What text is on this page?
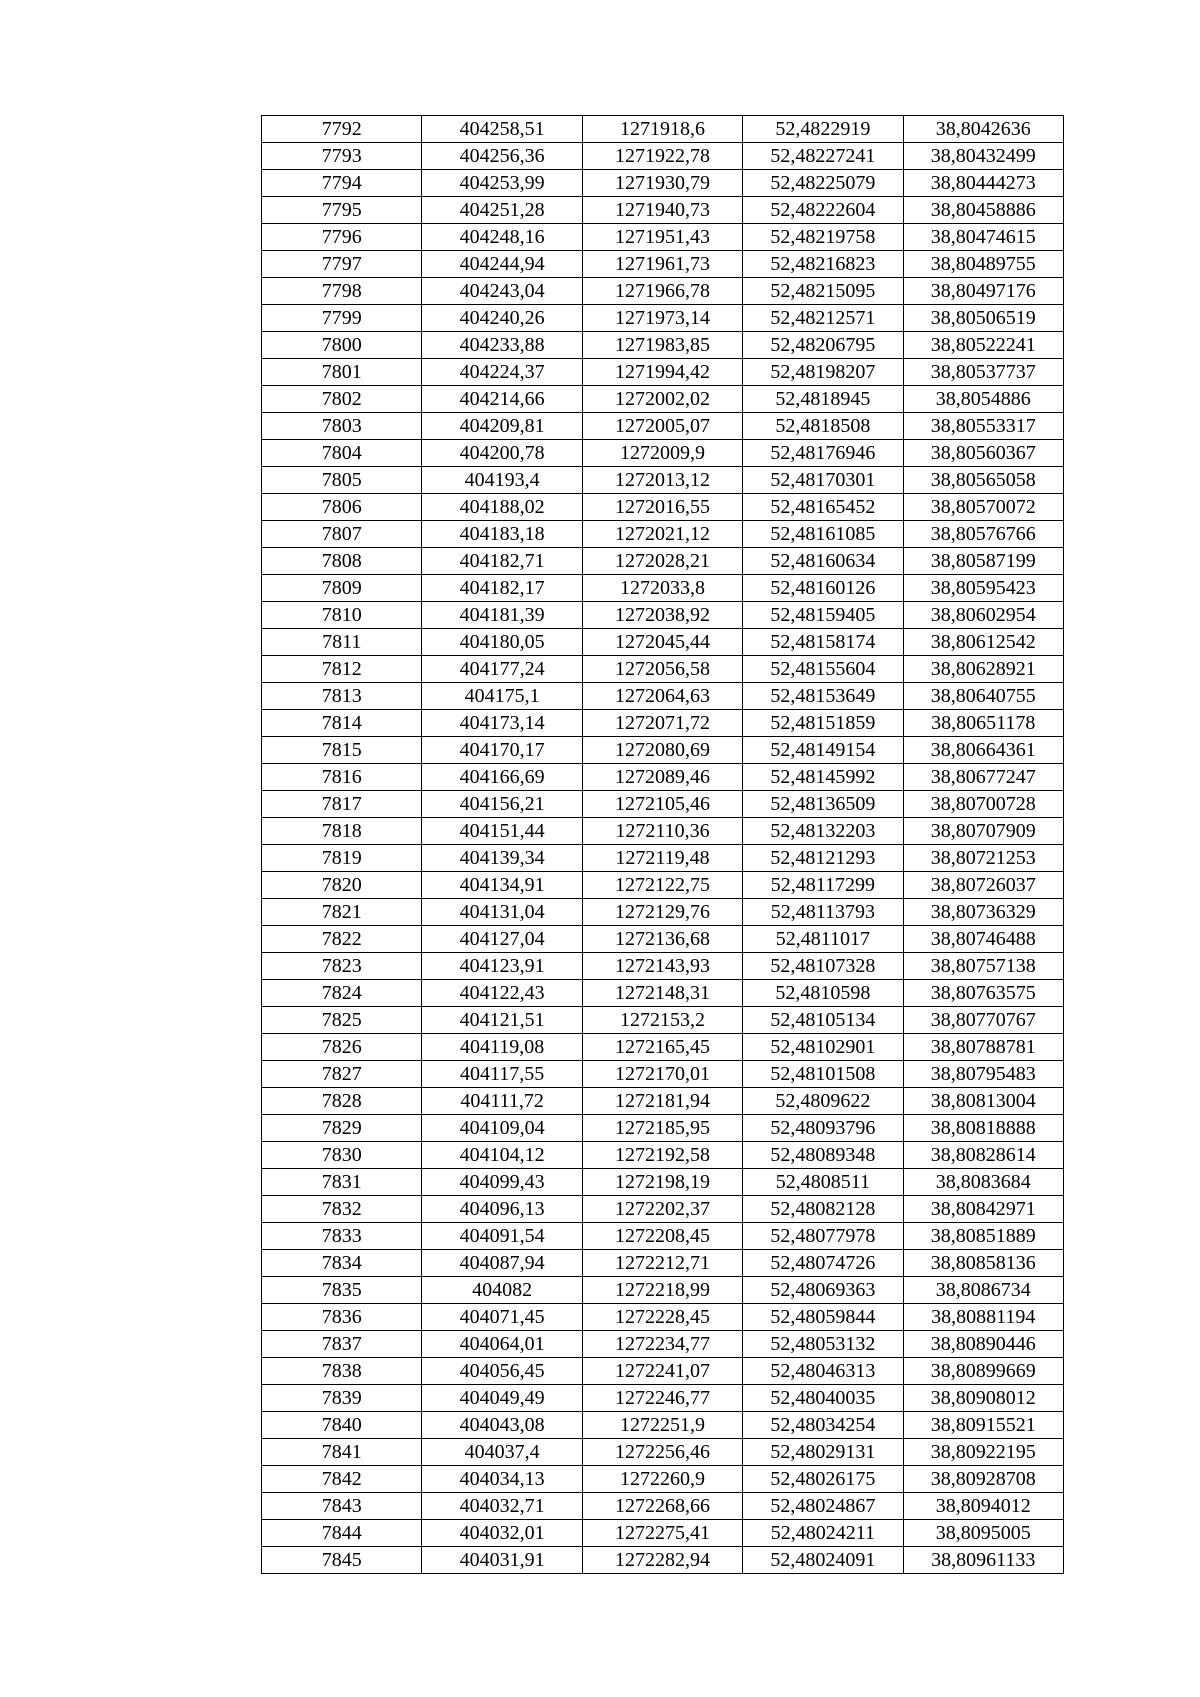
7792	404258,51	1271918,6	52,4822919	38,8042636
7793	404256,36	1271922,78	52,48227241	38,80432499
7794	404253,99	1271930,79	52,48225079	38,80444273
7795	404251,28	1271940,73	52,48222604	38,80458886
7796	404248,16	1271951,43	52,48219758	38,80474615
7797	404244,94	1271961,73	52,48216823	38,80489755
7798	404243,04	1271966,78	52,48215095	38,80497176
7799	404240,26	1271973,14	52,48212571	38,80506519
7800	404233,88	1271983,85	52,48206795	38,80522241
7801	404224,37	1271994,42	52,48198207	38,80537737
7802	404214,66	1272002,02	52,4818945	38,8054886
7803	404209,81	1272005,07	52,4818508	38,80553317
7804	404200,78	1272009,9	52,48176946	38,80560367
7805	404193,4	1272013,12	52,48170301	38,80565058
7806	404188,02	1272016,55	52,48165452	38,80570072
7807	404183,18	1272021,12	52,48161085	38,80576766
7808	404182,71	1272028,21	52,48160634	38,80587199
7809	404182,17	1272033,8	52,48160126	38,80595423
7810	404181,39	1272038,92	52,48159405	38,80602954
7811	404180,05	1272045,44	52,48158174	38,80612542
7812	404177,24	1272056,58	52,48155604	38,80628921
7813	404175,1	1272064,63	52,48153649	38,80640755
7814	404173,14	1272071,72	52,48151859	38,80651178
7815	404170,17	1272080,69	52,48149154	38,80664361
7816	404166,69	1272089,46	52,48145992	38,80677247
7817	404156,21	1272105,46	52,48136509	38,80700728
7818	404151,44	1272110,36	52,48132203	38,80707909
7819	404139,34	1272119,48	52,48121293	38,80721253
7820	404134,91	1272122,75	52,48117299	38,80726037
7821	404131,04	1272129,76	52,48113793	38,80736329
7822	404127,04	1272136,68	52,4811017	38,80746488
7823	404123,91	1272143,93	52,48107328	38,80757138
7824	404122,43	1272148,31	52,4810598	38,80763575
7825	404121,51	1272153,2	52,48105134	38,80770767
7826	404119,08	1272165,45	52,48102901	38,80788781
7827	404117,55	1272170,01	52,48101508	38,80795483
7828	404111,72	1272181,94	52,4809622	38,80813004
7829	404109,04	1272185,95	52,48093796	38,80818888
7830	404104,12	1272192,58	52,48089348	38,80828614
7831	404099,43	1272198,19	52,4808511	38,8083684
7832	404096,13	1272202,37	52,48082128	38,80842971
7833	404091,54	1272208,45	52,48077978	38,80851889
7834	404087,94	1272212,71	52,48074726	38,80858136
7835	404082	1272218,99	52,48069363	38,8086734
7836	404071,45	1272228,45	52,48059844	38,80881194
7837	404064,01	1272234,77	52,48053132	38,80890446
7838	404056,45	1272241,07	52,48046313	38,80899669
7839	404049,49	1272246,77	52,48040035	38,80908012
7840	404043,08	1272251,9	52,48034254	38,80915521
7841	404037,4	1272256,46	52,48029131	38,80922195
7842	404034,13	1272260,9	52,48026175	38,80928708
7843	404032,71	1272268,66	52,48024867	38,8094012
7844	404032,01	1272275,41	52,48024211	38,8095005
7845	404031,91	1272282,94	52,48024091	38,80961133
